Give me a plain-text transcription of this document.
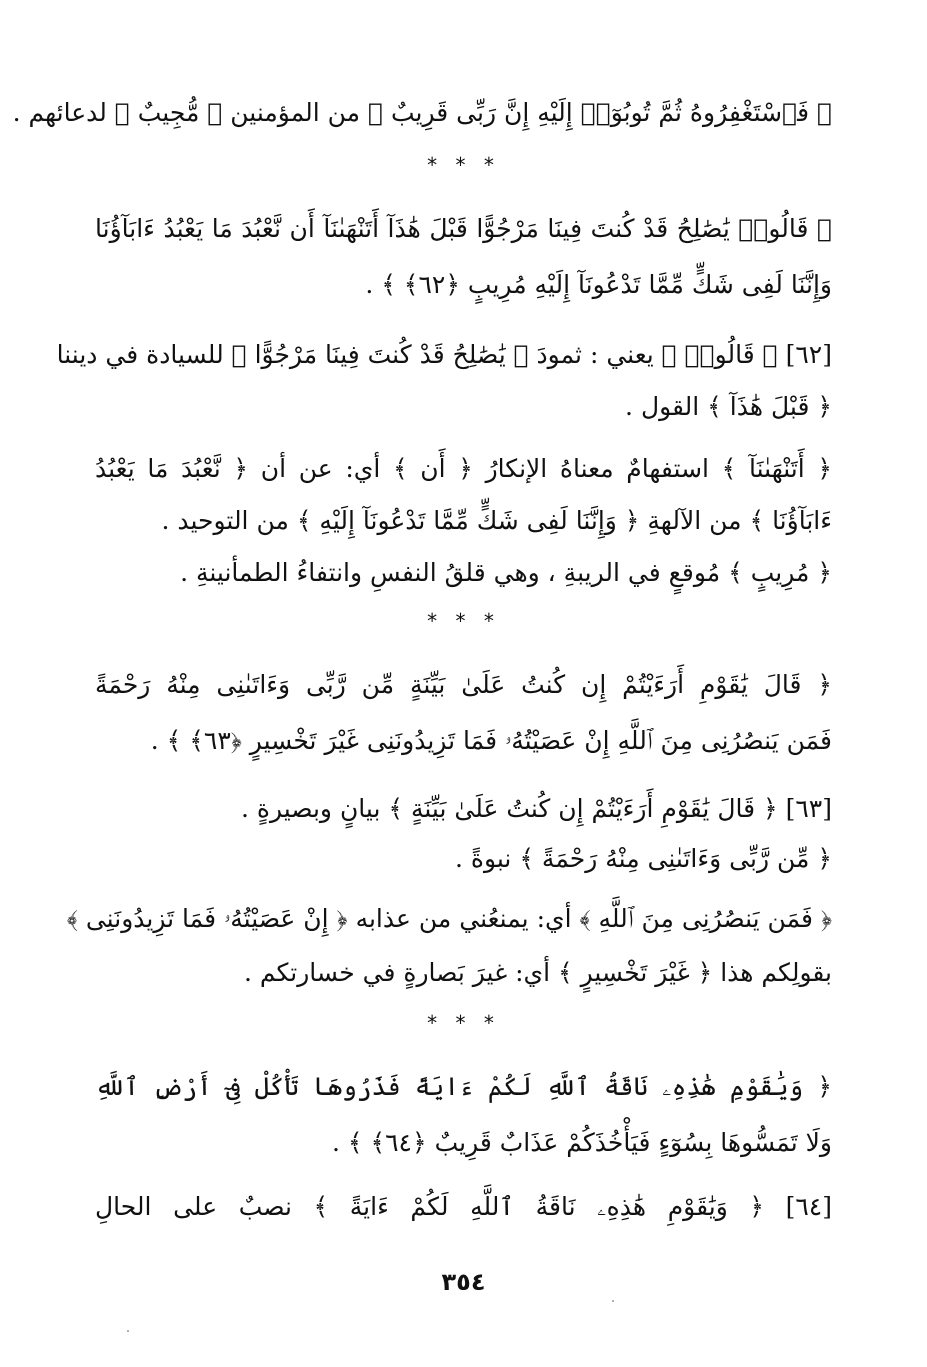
﴿ فَٱسْتَغْفِرُوهُ ثُمَّ تُوبُوٓا۟ إِلَيْهِ إِنَّ رَبِّى قَرِيبٌ ﴾ من المؤمنين ﴿ مُّجِيبٌ ﴾ لدعائهم .
* * *
﴿ قَالُوا۟ يَٰصَٰلِحُ قَدْ كُنتَ فِينَا مَرْجُوًّا قَبْلَ هَٰذَآ أَتَنْهَىٰنَآ أَن نَّعْبُدَ مَا يَعْبُدُ ءَابَآؤُنَا
وَإِنَّنَا لَفِى شَكٍّ مِّمَّا تَدْعُونَآ إِلَيْهِ مُرِيبٍ ﴿٦٢﴾ ﴾ .
[٦٢] ﴿ قَالُوا۟ ﴾ يعني : ثمودَ ﴿ يَٰصَٰلِحُ قَدْ كُنتَ فِينَا مَرْجُوًّا ﴾ للسيادة في ديننا
﴿ قَبْلَ هَٰذَآ ﴾ القول .
﴿ أَتَنْهَىٰنَآ ﴾ استفهامٌ معناهُ الإنكارُ ﴿ أَن ﴾ أي: عن أن ﴿ نَّعْبُدَ مَا يَعْبُدُ
ءَابَآؤُنَا ﴾ من الآلهةِ ﴿ وَإِنَّنَا لَفِى شَكٍّ مِّمَّا تَدْعُونَآ إِلَيْهِ ﴾ من التوحيد .
﴿ مُرِيبٍ ﴾ مُوقعٍ في الريبةِ ، وهي قلقُ النفسِ وانتفاءُ الطمأنينةِ .
* * *
﴿ قَالَ يَٰقَوْمِ أَرَءَيْتُمْ إِن كُنتُ عَلَىٰ بَيِّنَةٍ مِّن رَّبِّى وَءَاتَىٰنِى مِنْهُ رَحْمَةً
فَمَن يَنصُرُنِى مِنَ ٱللَّهِ إِنْ عَصَيْتُهُۥ فَمَا تَزِيدُونَنِى غَيْرَ تَخْسِيرٍ ﴿٦٣﴾ ﴾ .
[٦٣] ﴿ قَالَ يَٰقَوْمِ أَرَءَيْتُمْ إِن كُنتُ عَلَىٰ بَيِّنَةٍ ﴾ بيانٍ وبصيرةٍ .
﴿ مِّن رَّبِّى وَءَاتَىٰنِى مِنْهُ رَحْمَةً ﴾ نبوةً .
﴿ فَمَن يَنصُرُنِى مِنَ ٱللَّهِ ﴾ أي: يمنعُني من عذابه ﴿ إِنْ عَصَيْتُهُۥ فَمَا تَزِيدُونَنِى ﴾
بقولِكم هذا ﴿ غَيْرَ تَخْسِيرٍ ﴾ أي: غيرَ بَصارةٍ في خسارتكم .
* * *
﴿ وَيَٰقَوْمِ هَٰذِهِۦ نَاقَةُ ٱللَّهِ لَكُمْ ءَايَةً فَذَرُوهَا تَأْكُلْ فِىٓ أَرْضِ ٱللَّهِ
وَلَا تَمَسُّوهَا بِسُوٓءٍ فَيَأْخُذَكُمْ عَذَابٌ قَرِيبٌ ﴿٦٤﴾ ﴾ .
[٦٤] ﴿ وَيَٰقَوْمِ هَٰذِهِۦ نَاقَةُ ٱللَّهِ لَكُمْ ءَايَةً ﴾ نصبٌ على الحالِ
٣٥٤
